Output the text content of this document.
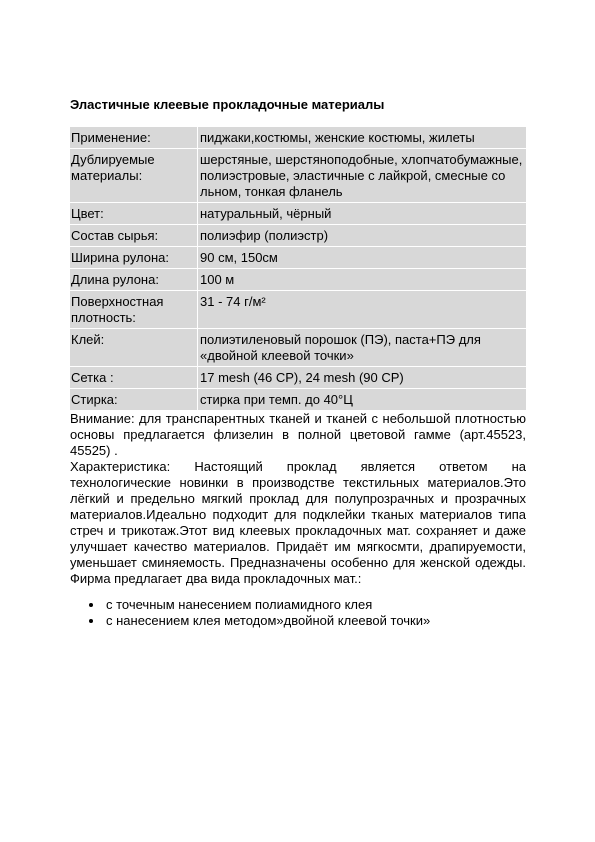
Эластичные клеевые прокладочные материалы
Применение:	пиджаки,костюмы, женские костюмы, жилеты
Дублируемые материалы:	шерстяные, шерстяноподобные, хлопчатобумажные, полиэстровые, эластичные с лайкрой, смесные со льном, тонкая фланель
Цвет:	натуральный, чёрный
Состав сырья:	полиэфир (полиэстр)
Ширина рулона:	90 см, 150см
Длина рулона:	100 м
Поверхностная плотность:	31 - 74 г/м²
Клей:	полиэтиленовый порошок (ПЭ), паста+ПЭ для «двойной клеевой точки»
Сетка :	17 mesh (46 CP), 24 mesh (90 CP)
Стирка:	стирка при темп. до 40°Ц

Внимание: для транспарентных тканей и тканей с небольшой плотностью основы предлагается флизелин в полной цветовой гамме (арт.45523, 45525) .

Характеристика: Настоящий проклад является ответом на технологические новинки в производстве текстильных материалов.Это лёгкий и предельно мягкий проклад для полупрозрачных и прозрачных материалов.Идеально подходит для подклейки тканых материалов типа стреч и трикотаж.Этот вид клеевых прокладочных мат. сохраняет и даже улучшает качество материалов. Придаёт им мягкосмти, драпируемости, уменьшает сминяемость. Предназначены особенно для женской одежды. Фирма предлагает два вида прокладочных мат.:

с точечным нанесением полиамидного клея
с нанесением клея методом»двойной клеевой точки»
